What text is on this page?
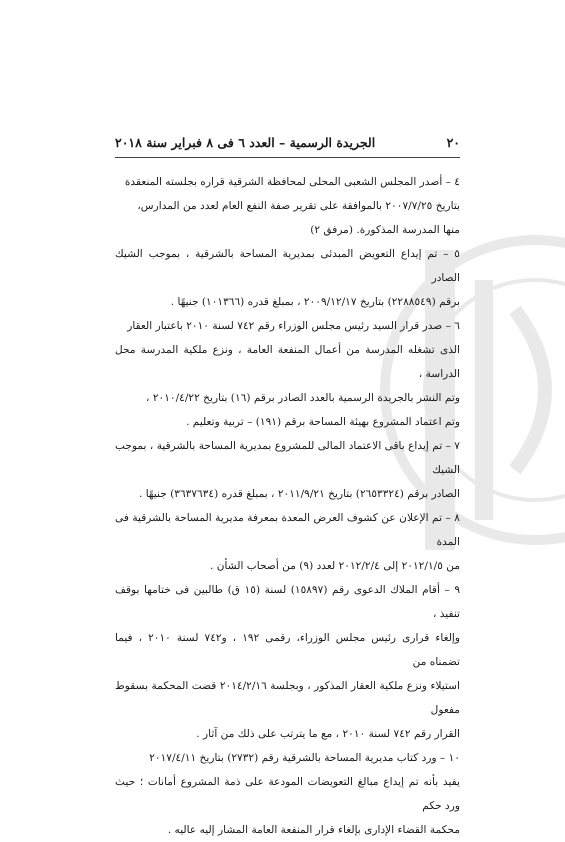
٢٠
الجريدة الرسمية – العدد ٦ فى ٨ فبراير سنة ٢٠١٨

٤ – أصدر المجلس الشعبى المحلى لمحافظة الشرقية قراره بجلسته المنعقدة
بتاريخ ٢٠٠٧/٧/٢٥ بالموافقة على تقرير صفة النفع العام لعدد من المدارس،
منها المدرسة المذكورة. (مرفق ٢)

٥ – تم إيداع التعويض المبدئى بمديرية المساحة بالشرقية ، بموجب الشيك الصادر
برقم (٢٢٨٨٥٤٩) بتاريخ ٢٠٠٩/١٢/١٧ ، بمبلغ قدره (١٠١٣٦٦) جنيهًا .

٦ – صدر قرار السيد رئيس مجلس الوزراء رقم ٧٤٢ لسنة ٢٠١٠ باعتبار العقار
الذى تشغله المدرسة من أعمال المنفعة العامة ، ونزع ملكية المدرسة محل الدراسة ،
وتم النشر بالجريدة الرسمية بالعدد الصادر برقم (١٦) بتاريخ ٢٠١٠/٤/٢٢ ،
وتم اعتماد المشروع بهيئة المساحة برقم (١٩١) – تربية وتعليم .

٧ – تم إيداع باقى الاعتماد المالى للمشروع بمديرية المساحة بالشرقية ، بموجب الشيك
الصادر برقم (٢٦٥٣٣٢٤) بتاريخ ٢٠١١/٩/٢١ ، بمبلغ قدره (٣٦٣٧٦٣٤) جنيهًا .

٨ – تم الإعلان عن كشوف العرض المعدة بمعرفة مديرية المساحة بالشرقية فى المدة
من ٢٠١٢/١/٥ إلى ٢٠١٢/٢/٤ لعدد (٩) من أصحاب الشأن .

٩ – أقام الملاك الدعوى رقم (١٥٨٩٧) لسنة (١٥ ق) طالبين فى ختامها بوقف تنفيذ ،
وإلغاء قرارى رئيس مجلس الوزراء، رقمى ١٩٢ ، و٧٤٢ لسنة ٢٠١٠ ، فيما تضمناه من
استيلاء ونزع ملكية العقار المذكور ، وبجلسة ٢٠١٤/٢/١٦ قضت المحكمة بسقوط مفعول
القرار رقم ٧٤٢ لسنة ٢٠١٠ ، مع ما يترتب على ذلك من آثار .

١٠ – ورد كتاب مديرية المساحة بالشرقية رقم (٢٧٣٢) بتاريخ ٢٠١٧/٤/١١
يفيد بأنه تم إيداع مبالغ التعويضات المودعة على ذمة المشروع أمانات ؛ حيث ورد حكم
محكمة القضاء الإدارى بإلغاء قرار المنفعة العامة المشار إليه عاليه .
